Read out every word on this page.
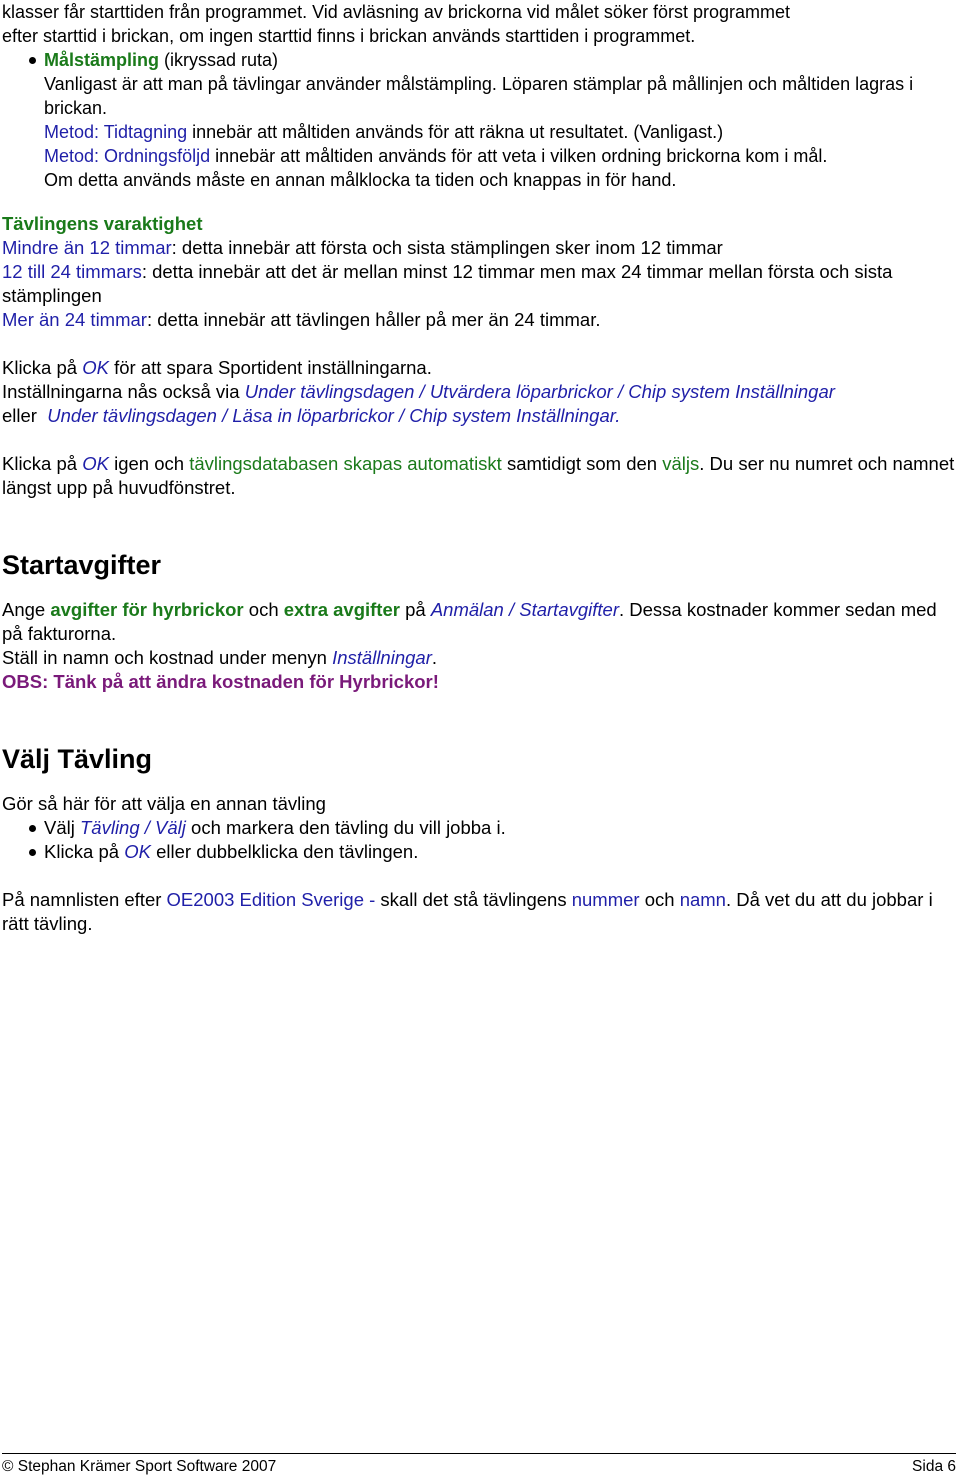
klasser får starttiden från programmet. Vid avläsning av brickorna vid målet söker först programmet
efter starttid i brickan, om ingen starttid finns i brickan används starttiden i programmet.
Målstämpling (ikryssad ruta)
Vanligast är att man på tävlingar använder målstämpling. Löparen stämplar på mållinjen och måltiden lagras i brickan.
Metod: Tidtagning innebär att måltiden används för att räkna ut resultatet. (Vanligast.)
Metod: Ordningsföljd innebär att måltiden används för att veta i vilken ordning brickorna kom i mål.
Om detta används måste en annan målklocka ta tiden och knappas in för hand.
Tävlingens varaktighet
Mindre än 12 timmar: detta innebär att första och sista stämplingen sker inom 12 timmar
12 till 24 timmars: detta innebär att det är mellan minst 12 timmar men max 24 timmar mellan första och sista stämplingen
Mer än 24 timmar: detta innebär att tävlingen håller på mer än 24 timmar.
Klicka på OK för att spara Sportident inställningarna.
Inställningarna nås också via Under tävlingsdagen / Utvärdera löparbrickor / Chip system Inställningar
eller  Under tävlingsdagen / Läsa in löparbrickor / Chip system Inställningar.
Klicka på OK igen och tävlingsdatabasen skapas automatiskt samtidigt som den väljs. Du ser nu numret och namnet längst upp på huvudfönstret.
Startavgifter
Ange avgifter för hyrbrickor och extra avgifter på Anmälan / Startavgifter. Dessa kostnader kommer sedan med på fakturorna.
Ställ in namn och kostnad under menyn Inställningar.
OBS: Tänk på att ändra kostnaden för Hyrbrickor!
Välj Tävling
Gör så här för att välja en annan tävling
Välj Tävling / Välj och markera den tävling du vill jobba i.
Klicka på OK eller dubbelklicka den tävlingen.
På namnlisten efter OE2003 Edition Sverige - skall det stå tävlingens nummer och namn. Då vet du att du jobbar i rätt tävling.
© Stephan Krämer Sport Software 2007	Sida 6
